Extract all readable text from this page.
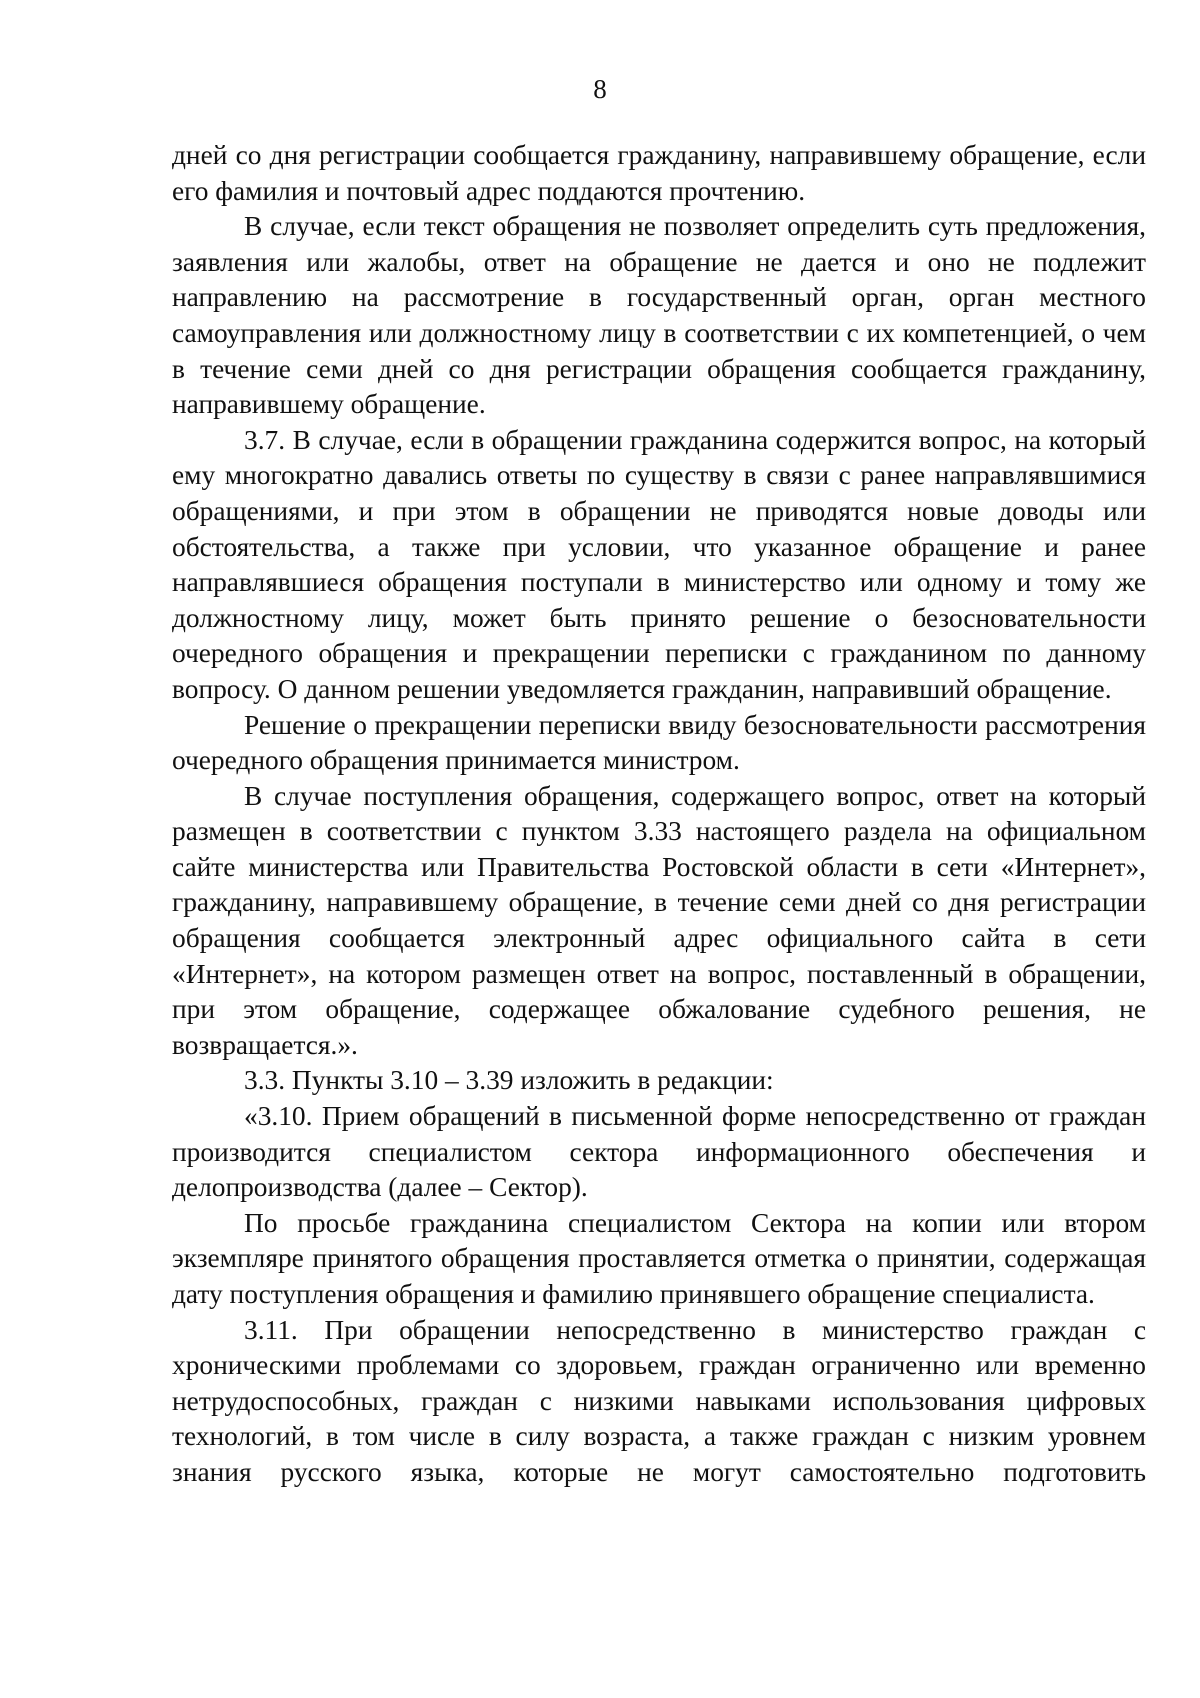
8

дней со дня регистрации сообщается гражданину, направившему обращение, если его фамилия и почтовый адрес поддаются прочтению.

В случае, если текст обращения не позволяет определить суть предложения, заявления или жалобы, ответ на обращение не дается и оно не подлежит направлению на рассмотрение в государственный орган, орган местного самоуправления или должностному лицу в соответствии с их компетенцией, о чем в течение семи дней со дня регистрации обращения сообщается гражданину, направившему обращение.

3.7. В случае, если в обращении гражданина содержится вопрос, на который ему многократно давались ответы по существу в связи с ранее направлявшимися обращениями, и при этом в обращении не приводятся новые доводы или обстоятельства, а также при условии, что указанное обращение и ранее направлявшиеся обращения поступали в министерство или одному и тому же должностному лицу, может быть принято решение о безосновательности очередного обращения и прекращении переписки с гражданином по данному вопросу. О данном решении уведомляется гражданин, направивший обращение.

Решение о прекращении переписки ввиду безосновательности рассмотрения очередного обращения принимается министром.

В случае поступления обращения, содержащего вопрос, ответ на который размещен в соответствии с пунктом 3.33 настоящего раздела на официальном сайте министерства или Правительства Ростовской области в сети «Интернет», гражданину, направившему обращение, в течение семи дней со дня регистрации обращения сообщается электронный адрес официального сайта в сети «Интернет», на котором размещен ответ на вопрос, поставленный в обращении, при этом обращение, содержащее обжалование судебного решения, не возвращается.».

3.3. Пункты 3.10 – 3.39 изложить в редакции:

«3.10. Прием обращений в письменной форме непосредственно от граждан производится специалистом сектора информационного обеспечения и делопроизводства (далее – Сектор).

По просьбе гражданина специалистом Сектора на копии или втором экземпляре принятого обращения проставляется отметка о принятии, содержащая дату поступления обращения и фамилию принявшего обращение специалиста.

3.11. При обращении непосредственно в министерство граждан с хроническими проблемами со здоровьем, граждан ограниченно или временно нетрудоспособных, граждан с низкими навыками использования цифровых технологий, в том числе в силу возраста, а также граждан с низким уровнем знания русского языка, которые не могут самостоятельно подготовить
